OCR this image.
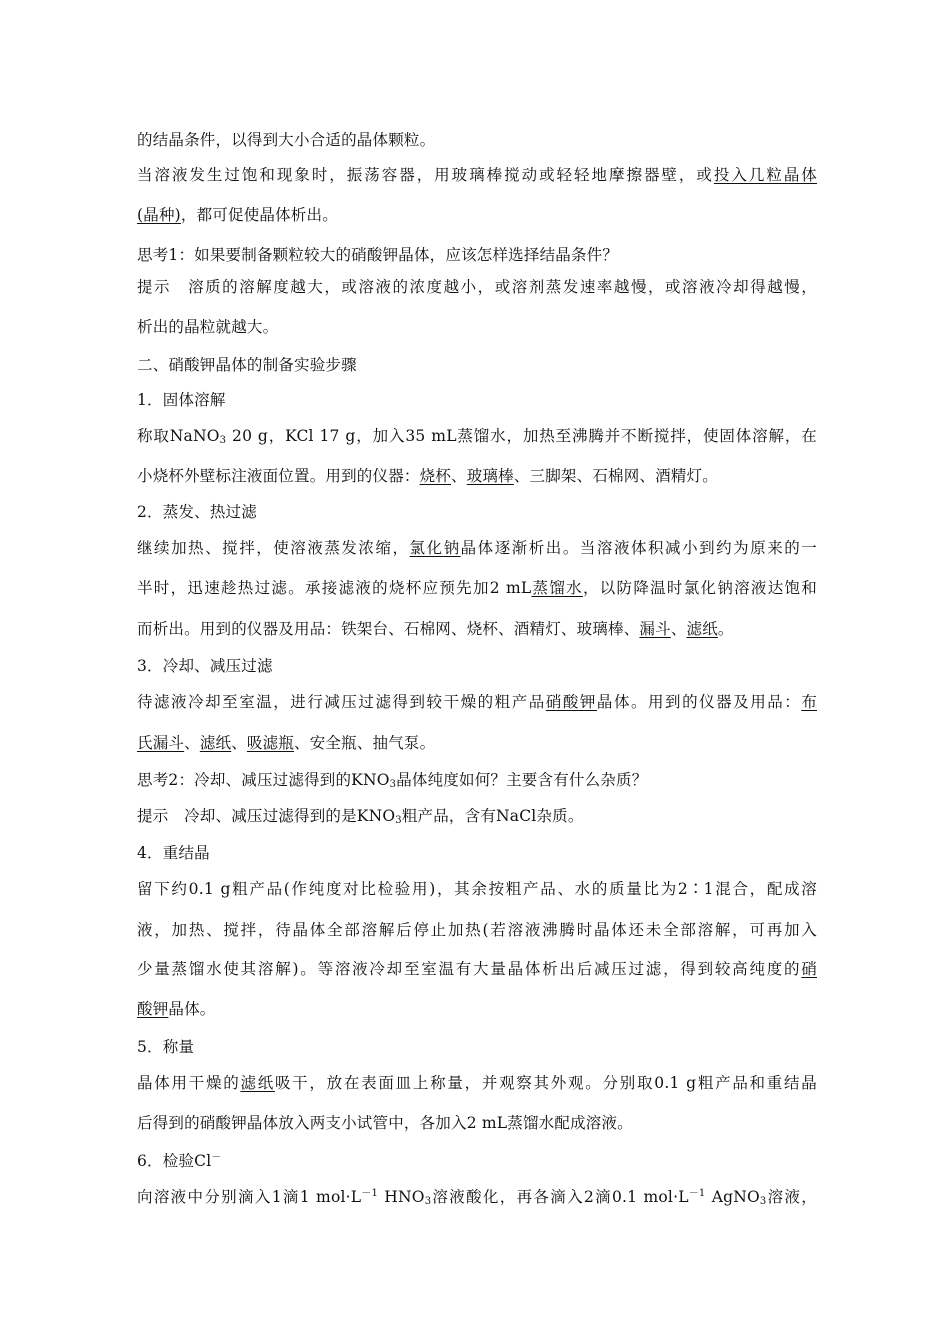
的结晶条件，以得到大小合适的晶体颗粒。
当溶液发生过饱和现象时，振荡容器，用玻璃棒搅动或轻轻地摩擦器壁，或投入几粒晶体
(晶种)，都可促使晶体析出。
思考1：如果要制备颗粒较大的硝酸钾晶体，应该怎样选择结晶条件？
提示　溶质的溶解度越大，或溶液的浓度越小，或溶剂蒸发速率越慢，或溶液冷却得越慢，
析出的晶粒就越大。
二、硝酸钾晶体的制备实验步骤
1．固体溶解
称取NaNO$_3$ 20 g，KCl 17 g，加入35 mL蒸馏水，加热至沸腾并不断搅拌，使固体溶解，在
小烧杯外壁标注液面位置。用到的仪器：烧杯、玻璃棒、三脚架、石棉网、酒精灯。
2．蒸发、热过滤
继续加热、搅拌，使溶液蒸发浓缩，氯化钠晶体逐渐析出。当溶液体积减小到约为原来的一
半时，迅速趁热过滤。承接滤液的烧杯应预先加2 mL蒸馏水，以防降温时氯化钠溶液达饱和
而析出。用到的仪器及用品：铁架台、石棉网、烧杯、酒精灯、玻璃棒、漏斗、滤纸。
3．冷却、减压过滤
待滤液冷却至室温，进行减压过滤得到较干燥的粗产品硝酸钾晶体。用到的仪器及用品：布
氏漏斗、滤纸、吸滤瓶、安全瓶、抽气泵。
思考2：冷却、减压过滤得到的$KNO_3$晶体纯度如何？主要含有什么杂质？
提示　冷却、减压过滤得到的是$KNO_3$粗产品，含有NaCl杂质。
4．重结晶
留下约0.1 g粗产品(作纯度对比检验用)，其余按粗产品、水的质量比为2∶1混合，配成溶
液，加热、搅拌，待晶体全部溶解后停止加热(若溶液沸腾时晶体还未全部溶解，可再加入
少量蒸馏水使其溶解)。等溶液冷却至室温有大量晶体析出后减压过滤，得到较高纯度的硝
酸钾晶体。
5．称量
晶体用干燥的滤纸吸干，放在表面皿上称量，并观察其外观。分别取0.1 g粗产品和重结晶
后得到的硝酸钾晶体放入两支小试管中，各加入2 mL蒸馏水配成溶液。
6．检验Cl－
向溶液中分别滴入1滴1 $mol\cdot L^{-1}$ $HNO_3$溶液酸化，再各滴入2滴0.1 $mol\cdot L^{-1}$ AgNO$_3$溶液，
